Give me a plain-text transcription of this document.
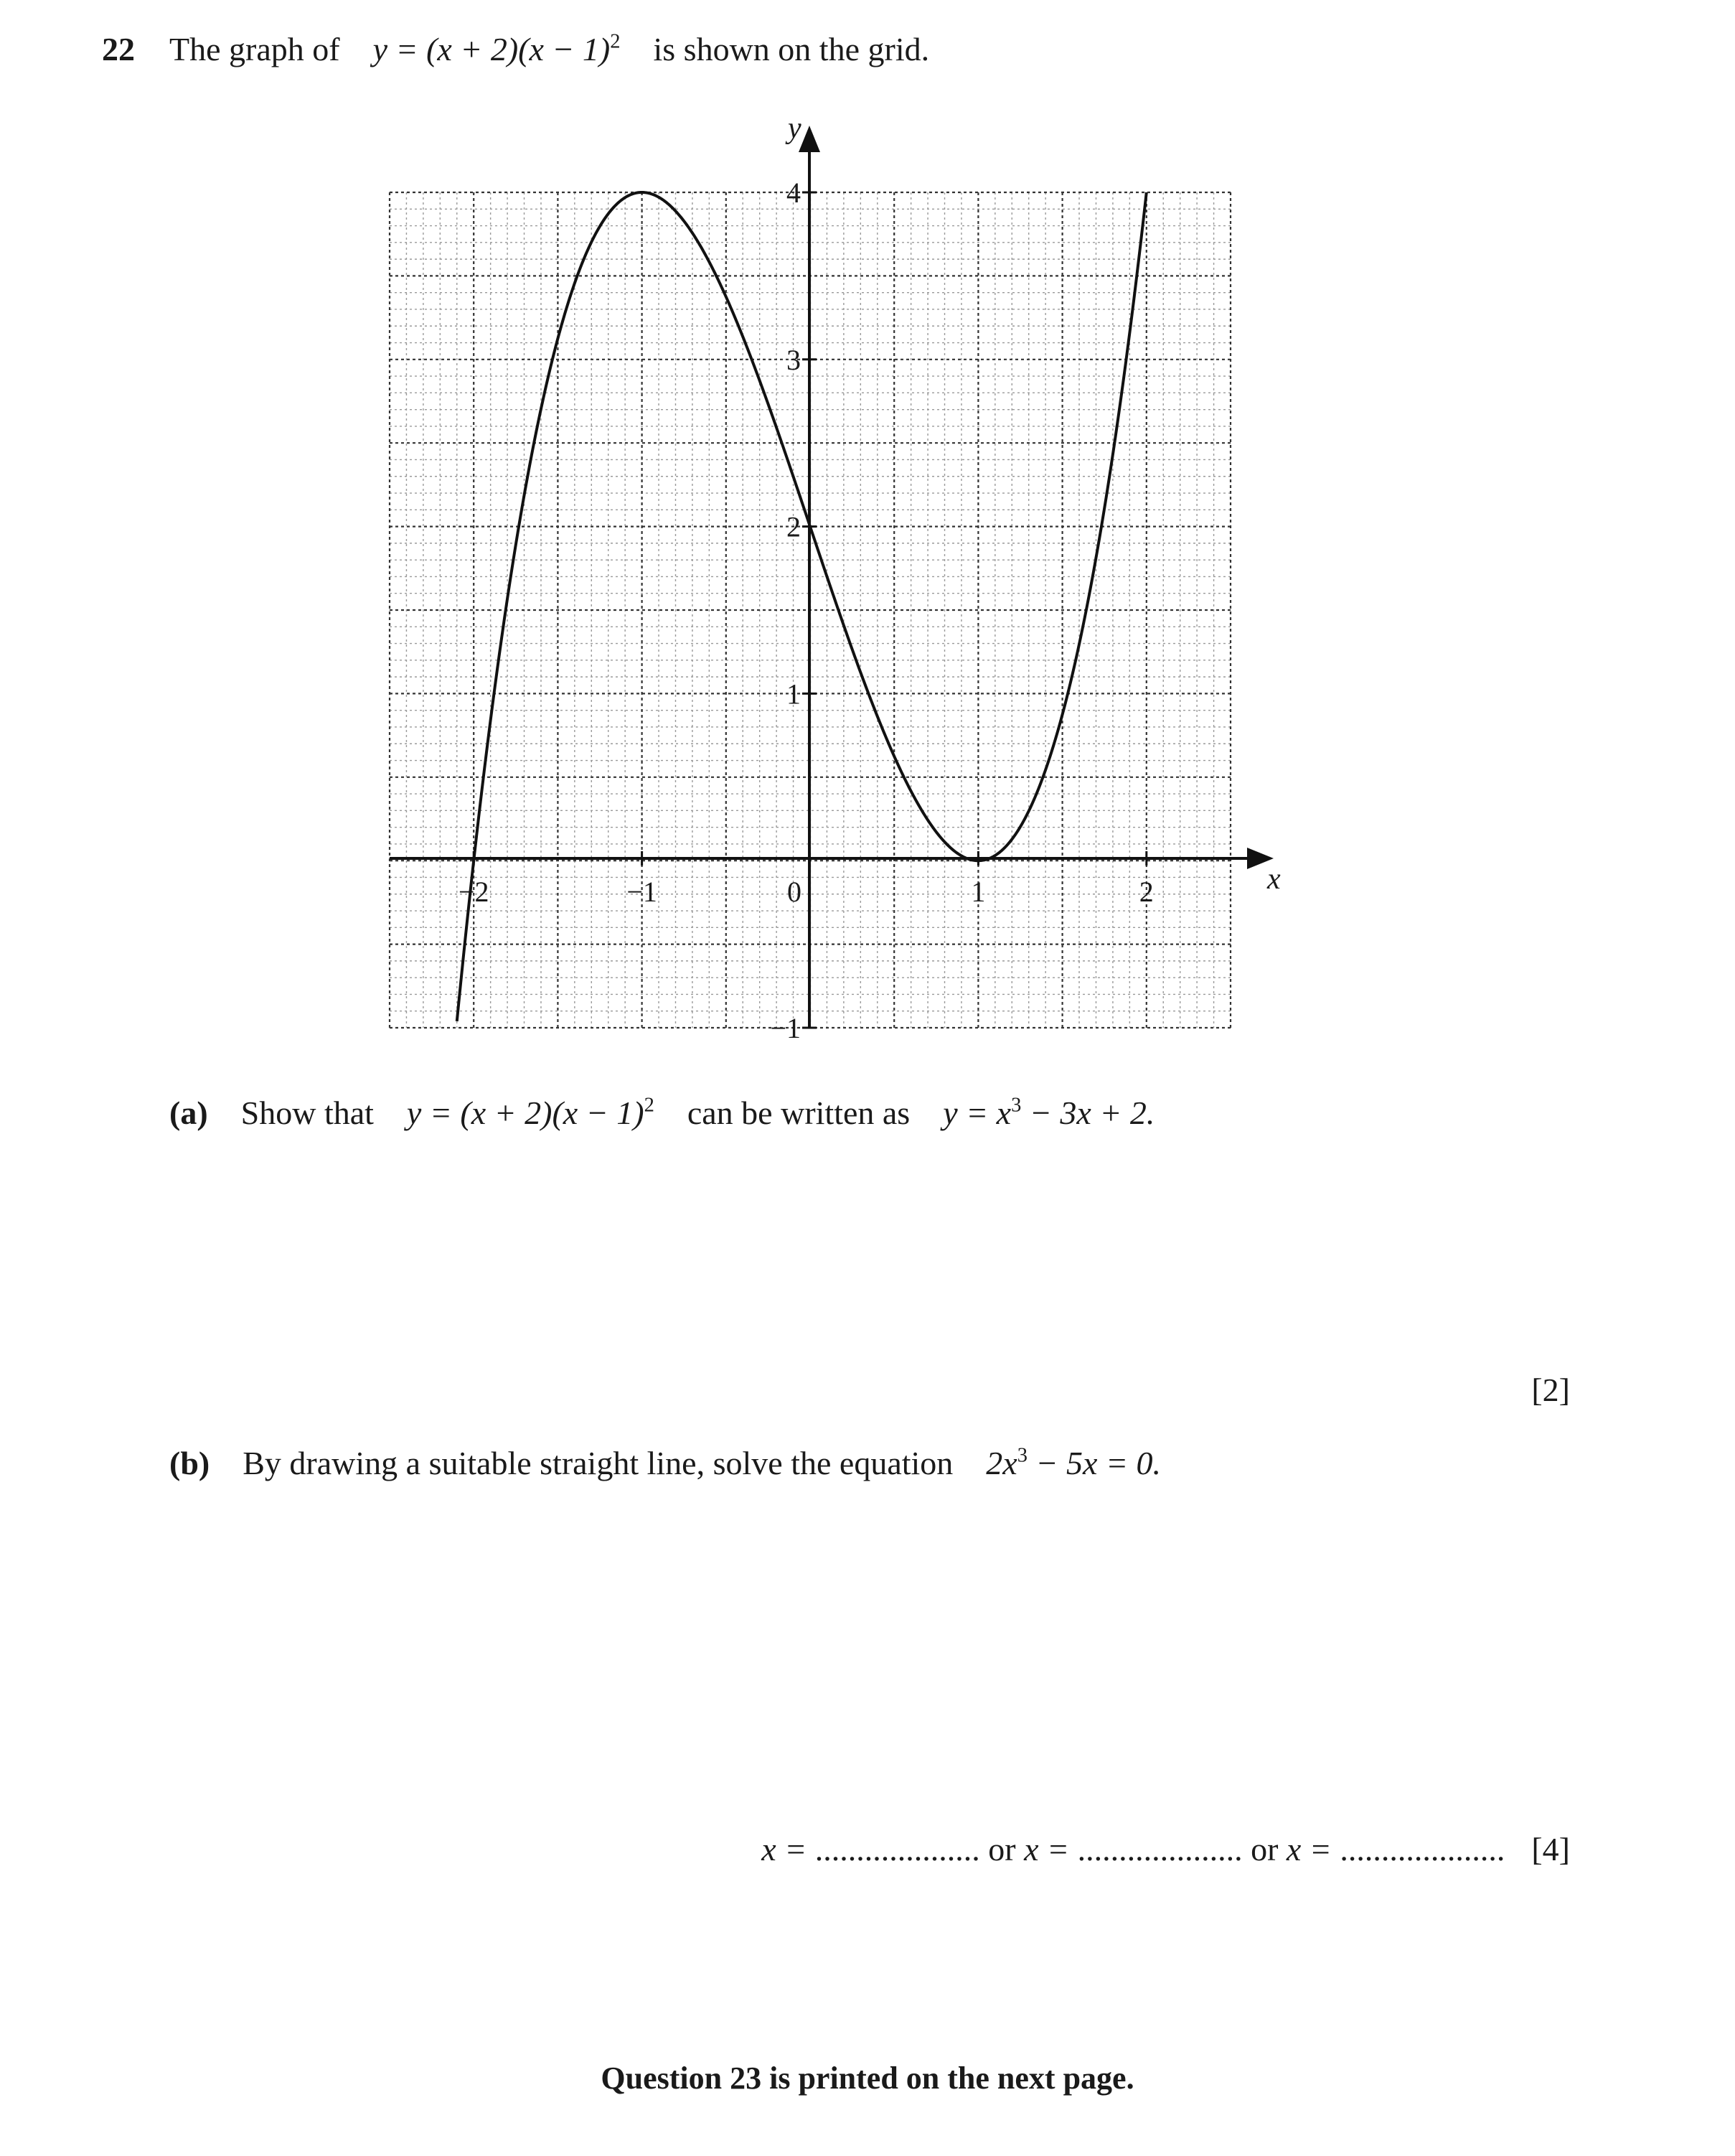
22 The graph of $y = (x + 2)(x - 1)^2$ is shown on the grid.
−2	−1	0	1	2
4
3
2
1
−1
x
y
(a) Show that $y = (x + 2)(x - 1)^2$ can be written as $y = x^3 - 3x + 2$.
[2]
(b) By drawing a suitable straight line, solve the equation $2x^3 - 5x = 0$.
x = .................... or x = .................... or x = .................... [4]
Question 23 is printed on the next page.
